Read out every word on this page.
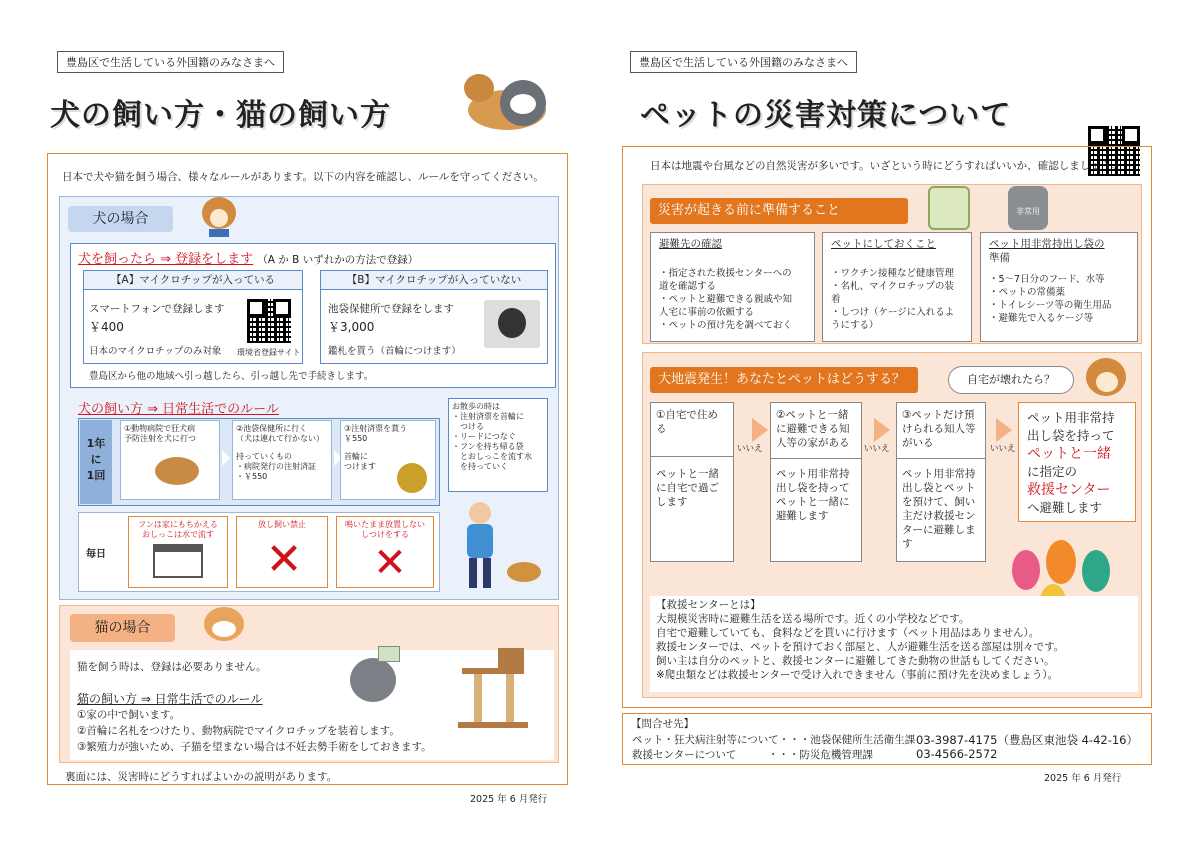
豊島区で生活している外国籍のみなさまへ
犬の飼い方・猫の飼い方
日本で犬や猫を飼う場合、様々なルールがあります。以下の内容を確認し、ルールを守ってください。
犬の場合
犬を飼ったら ⇒ 登録をします （A か B いずれかの方法で登録）
【A】マイクロチップが入っている
スマートフォンで登録します
￥400
日本のマイクロチップのみ対象 環境省登録サイト
【B】マイクロチップが入っていない
池袋保健所で登録をします
￥3,000
鑑札を貰う（首輪につけます）
豊島区から他の地域へ引っ越したら、引っ越し先で手続きします。
犬の飼い方 ⇒ 日常生活でのルール
1年
に
1回
①動物病院で狂犬病
予防注射を犬に打つ
②池袋保健所に行く
（犬は連れて行かない）
持っていくもの
・病院発行の注射済証
・￥550
③注射済票を貰う
￥550
首輪に
つけます
お散歩の時は
・注射済票を首輪に
　つける
・リードにつなぐ
・フンを持ち帰る袋
　とおしっこを流す水
　を持っていく
毎日
フンは家にもちかえる
おしっこは水で流す
放し飼い禁止
✕
鳴いたまま放置しない
しつけをする
✕
猫の場合
猫を飼う時は、登録は必要ありません。
猫の飼い方 ⇒ 日常生活でのルール
①家の中で飼います。
②首輪に名札をつけたり、動物病院でマイクロチップを装着します。
③繁殖力が強いため、子猫を望まない場合は不妊去勢手術をしておきます。
裏面には、災害時にどうすればよいかの説明があります。
2025 年 6 月発行
豊島区で生活している外国籍のみなさまへ
ペットの災害対策について
日本は地震や台風などの自然災害が多いです。いざという時にどうすればいいか、確認しましょう。
災害が起きる前に準備すること	非常用
避難先の確認
・指定された救援センターへの
道を確認する
・ペットと避難できる親戚や知
人宅に事前の依頼する
・ペットの預け先を調べておく
ペットにしておくこと
・ワクチン接種など健康管理
・名札、マイクロチップの装
着
・しつけ（ケージに入れるよ
うにする）
ペット用非常持出し袋の
準備
・5～7日分のフード、水等
・ペットの常備薬
・トイレシーツ等の衛生用品
・避難先で入るケージ等
大地震発生！あなたとペットはどうする？	自宅が壊れたら？
①自宅で住め
る
ペットと一緒
に自宅で過ご
します
いいえ
②ペットと一緒
に避難できる知
人等の家がある
ペット用非常持
出し袋を持って
ペットと一緒に
避難します
いいえ
③ペットだけ預
けられる知人等
がいる
ペット用非常持
出し袋とペット
を預けて、飼い
主だけ救援セン
ターに避難しま
す
いいえ
ペット用非常持
出し袋を持って
ペットと一緒
に指定の
救援センター
へ避難します
【救援センターとは】
大規模災害時に避難生活を送る場所です。近くの小学校などです。
自宅で避難していても、食料などを貰いに行けます（ペット用品はありません）。
救援センターでは、ペットを預けておく部屋と、人が避難生活を送る部屋は別々です。
飼い主は自分のペットと、救援センターに避難してきた動物の世話もしてください。
※爬虫類などは救援センターで受け入れできません（事前に預け先を決めましょう）。
【問合せ先】
ペット・狂犬病注射等について・・・池袋保健所生活衛生課 03-3987-4175（豊島区東池袋 4-42-16）
救援センターについて　　　・・・防災危機管理課	03-4566-2572
2025 年 6 月発行
